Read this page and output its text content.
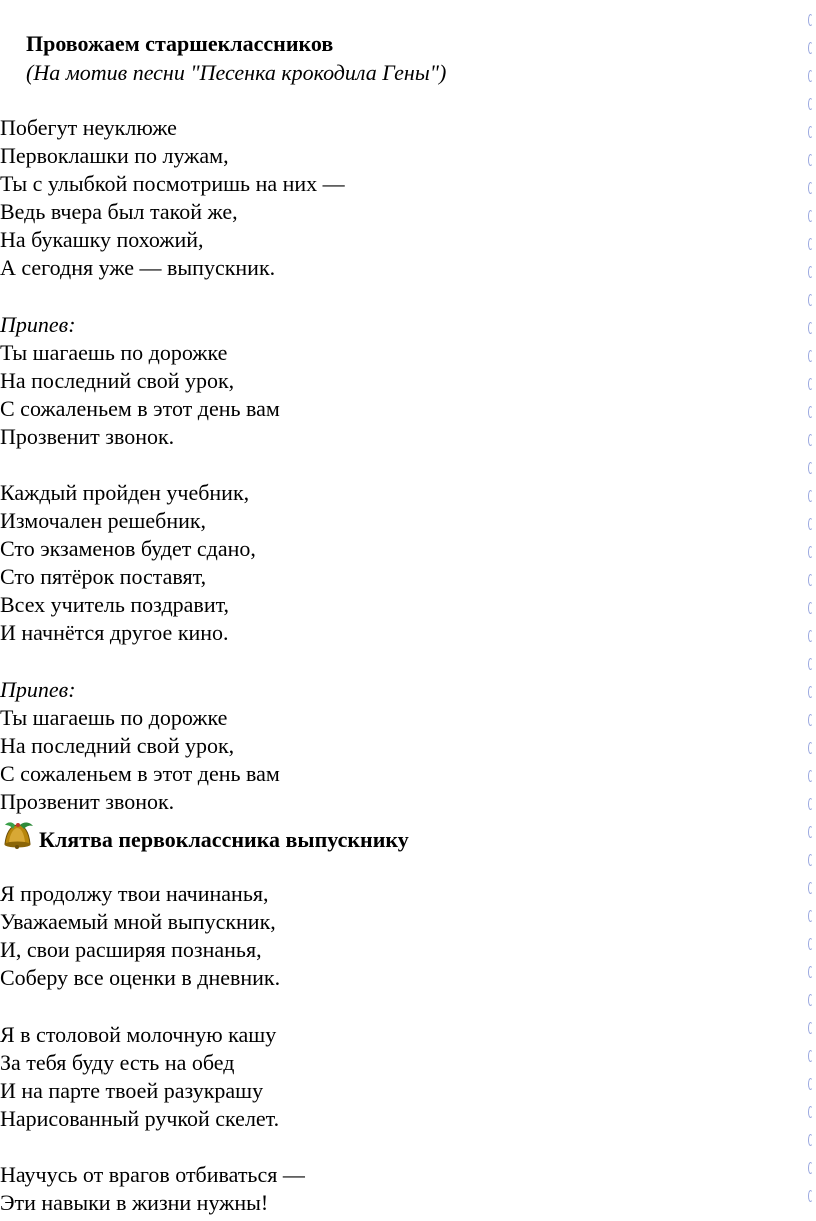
Провожаем старшеклассников
(На мотив песни "Песенка крокодила Гены")
Побегут неуклюже
Первоклашки по лужам,
Ты с улыбкой посмотришь на них —
Ведь вчера был такой же,
На букашку похожий,
А сегодня уже — выпускник.
Припев:
Ты шагаешь по дорожке
На последний свой урок,
С сожаленьем в этот день вам
Прозвенит звонок.
Каждый пройден учебник,
Измочален решебник,
Сто экзаменов будет сдано,
Сто пятёрок поставят,
Всех учитель поздравит,
И начнётся другое кино.
Припев:
Ты шагаешь по дорожке
На последний свой урок,
С сожаленьем в этот день вам
Прозвенит звонок.
Клятва первоклассника выпускнику
Я продолжу твои начинанья,
Уважаемый мной выпускник,
И, свои расширяя познанья,
Соберу все оценки в дневник.
Я в столовой молочную кашу
За тебя буду есть на обед
И на парте твоей разукрашу
Нарисованный ручкой скелет.
Научусь от врагов отбиваться —
Эти навыки в жизни нужны!
